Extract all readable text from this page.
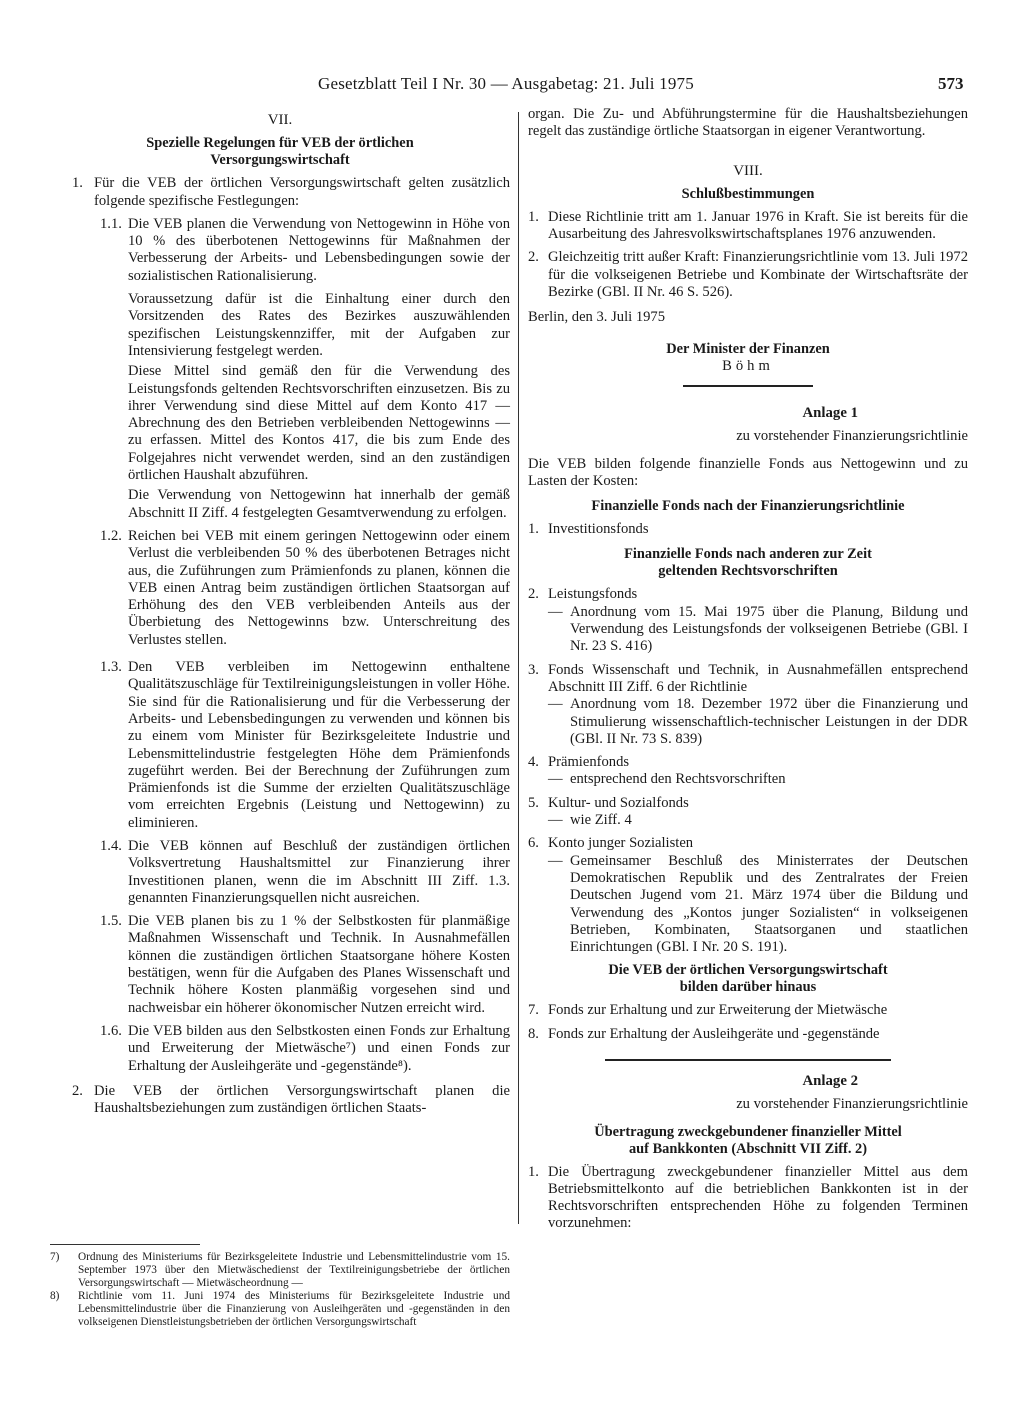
Gesetzblatt Teil I Nr. 30 — Ausgabetag: 21. Juli 1975	573

VII.

Spezielle Regelungen für VEB der örtlichen

Versorgungswirtschaft

1. Für die VEB der örtlichen Versorgungswirtschaft gelten zusätzlich folgende spezifische Festlegungen:
1.1. Die VEB planen die Verwendung von Nettogewinn in Höhe von 10 % des überbotenen Nettogewinns für Maßnahmen der Verbesserung der Arbeits- und Lebensbedingungen sowie der sozialistischen Rationalisierung.

Voraussetzung dafür ist die Einhaltung einer durch den Vorsitzenden des Rates des Bezirkes auszuwählenden spezifischen Leistungskennziffer, mit der Aufgaben zur Intensivierung festgelegt werden.

Diese Mittel sind gemäß den für die Verwendung des Leistungsfonds geltenden Rechtsvorschriften einzusetzen. Bis zu ihrer Verwendung sind diese Mittel auf dem Konto 417 — Abrechnung des den Betrieben verbleibenden Nettogewinns — zu erfassen. Mittel des Kontos 417, die bis zum Ende des Folgejahres nicht verwendet werden, sind an den zuständigen örtlichen Haushalt abzuführen.

Die Verwendung von Nettogewinn hat innerhalb der gemäß Abschnitt II Ziff. 4 festgelegten Gesamtverwendung zu erfolgen.

1.2. Reichen bei VEB mit einem geringen Nettogewinn oder einem Verlust die verbleibenden 50 % des überbotenen Betrages nicht aus, die Zuführungen zum Prämienfonds zu planen, können die VEB einen Antrag beim zuständigen örtlichen Staatsorgan auf Erhöhung des den VEB verbleibenden Anteils aus der Überbietung des Nettogewinns bzw. Unterschreitung des Verlustes stellen.
1.3. Den VEB verbleiben im Nettogewinn enthaltene Qualitätszuschläge für Textilreinigungsleistungen in voller Höhe. Sie sind für die Rationalisierung und für die Verbesserung der Arbeits- und Lebensbedingungen zu verwenden und können bis zu einem vom Minister für Bezirksgeleitete Industrie und Lebensmittelindustrie festgelegten Höhe dem Prämienfonds zugeführt werden. Bei der Berechnung der Zuführungen zum Prämienfonds ist die Summe der erzielten Qualitätszuschläge vom erreichten Ergebnis (Leistung und Nettogewinn) zu eliminieren.
1.4. Die VEB können auf Beschluß der zuständigen örtlichen Volksvertretung Haushaltsmittel zur Finanzierung ihrer Investitionen planen, wenn die im Abschnitt III Ziff. 1.3. genannten Finanzierungsquellen nicht ausreichen.
1.5. Die VEB planen bis zu 1 % der Selbstkosten für planmäßige Maßnahmen Wissenschaft und Technik. In Ausnahmefällen können die zuständigen örtlichen Staatsorgane höhere Kosten bestätigen, wenn für die Aufgaben des Planes Wissenschaft und Technik höhere Kosten planmäßig vorgesehen sind und nachweisbar ein höherer ökonomischer Nutzen erreicht wird.
1.6. Die VEB bilden aus den Selbstkosten einen Fonds zur Erhaltung und Erweiterung der Mietwäsche⁷) und einen Fonds zur Erhaltung der Ausleihgeräte und -gegenstände⁸).
2. Die VEB der örtlichen Versorgungswirtschaft planen die Haushaltsbeziehungen zum zuständigen örtlichen Staats-
7)	Ordnung des Ministeriums für Bezirksgeleitete Industrie und Lebensmittelindustrie vom 15. September 1973 über den Mietwäschedienst der Textilreinigungsbetriebe der örtlichen Versorgungswirtschaft — Mietwäscheordnung —
8)	Richtlinie vom 11. Juni 1974 des Ministeriums für Bezirksgeleitete Industrie und Lebensmittelindustrie über die Finanzierung von Ausleihgeräten und -gegenständen in den volkseigenen Dienstleistungsbetrieben der örtlichen Versorgungswirtschaft

organ. Die Zu- und Abführungstermine für die Haushaltsbeziehungen regelt das zuständige örtliche Staatsorgan in eigener Verantwortung.

VIII.

Schlußbestimmungen

1. Diese Richtlinie tritt am 1. Januar 1976 in Kraft. Sie ist bereits für die Ausarbeitung des Jahresvolkswirtschaftsplanes 1976 anzuwenden.
2. Gleichzeitig tritt außer Kraft: Finanzierungsrichtlinie vom 13. Juli 1972 für die volkseigenen Betriebe und Kombinate der Wirtschaftsräte der Bezirke (GBl. II Nr. 46 S. 526).

Berlin, den 3. Juli 1975

Der Minister der Finanzen

Böhm

Anlage 1

zu vorstehender Finanzierungsrichtlinie

Die VEB bilden folgende finanzielle Fonds aus Nettogewinn und zu Lasten der Kosten:

Finanzielle Fonds nach der Finanzierungsrichtlinie

1. Investitionsfonds

Finanzielle Fonds nach anderen zur Zeit

geltenden Rechtsvorschriften

2. Leistungsfonds
— Anordnung vom 15. Mai 1975 über die Planung, Bildung und Verwendung des Leistungsfonds der volkseigenen Betriebe (GBl. I Nr. 23 S. 416)
3. Fonds Wissenschaft und Technik, in Ausnahmefällen entsprechend Abschnitt III Ziff. 6 der Richtlinie
— Anordnung vom 18. Dezember 1972 über die Finanzierung und Stimulierung wissenschaftlich-technischer Leistungen in der DDR (GBl. II Nr. 73 S. 839)
4. Prämienfonds
— entsprechend den Rechtsvorschriften
5. Kultur- und Sozialfonds
— wie Ziff. 4
6. Konto junger Sozialisten
— Gemeinsamer Beschluß des Ministerrates der Deutschen Demokratischen Republik und des Zentralrates der Freien Deutschen Jugend vom 21. März 1974 über die Bildung und Verwendung des „Kontos junger Sozialisten“ in volkseigenen Betrieben, Kombinaten, Staatsorganen und staatlichen Einrichtungen (GBl. I Nr. 20 S. 191).

Die VEB der örtlichen Versorgungswirtschaft

bilden darüber hinaus

7. Fonds zur Erhaltung und zur Erweiterung der Mietwäsche
8. Fonds zur Erhaltung der Ausleihgeräte und -gegenstände

Anlage 2

zu vorstehender Finanzierungsrichtlinie

Übertragung zweckgebundener finanzieller Mittel

auf Bankkonten (Abschnitt VII Ziff. 2)

1. Die Übertragung zweckgebundener finanzieller Mittel aus dem Betriebsmittelkonto auf die betrieblichen Bankkonten ist in der Rechtsvorschriften entsprechenden Höhe zu folgenden Terminen vorzunehmen:
